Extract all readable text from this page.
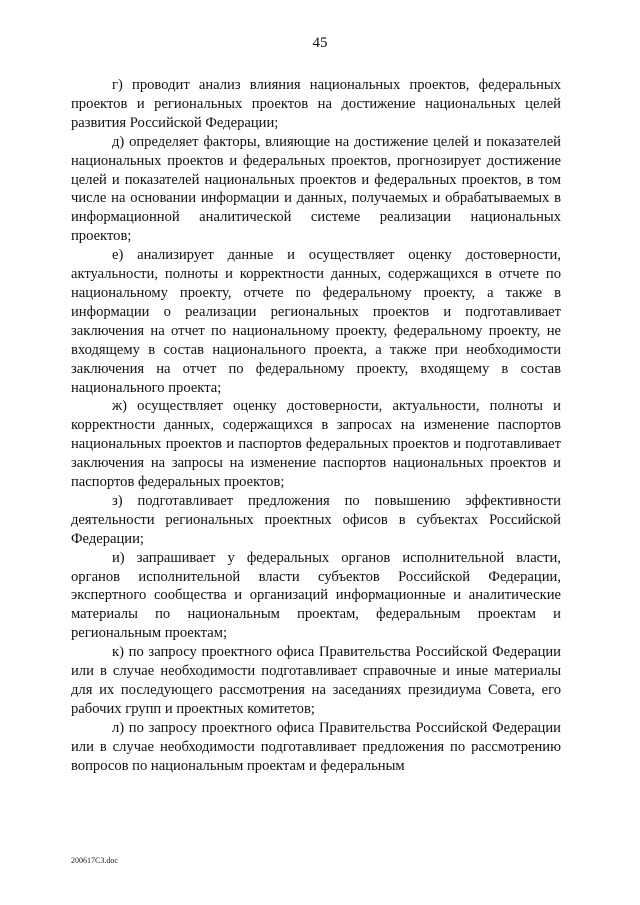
45

г) проводит анализ влияния национальных проектов, федеральных проектов и региональных проектов на достижение национальных целей развития Российской Федерации;

д) определяет факторы, влияющие на достижение целей и показателей национальных проектов и федеральных проектов, прогнозирует достижение целей и показателей национальных проектов и федеральных проектов, в том числе на основании информации и данных, получаемых и обрабатываемых в информационной аналитической системе реализации национальных проектов;

е) анализирует данные и осуществляет оценку достоверности, актуальности, полноты и корректности данных, содержащихся в отчете по национальному проекту, отчете по федеральному проекту, а также в информации о реализации региональных проектов и подготавливает заключения на отчет по национальному проекту, федеральному проекту, не входящему в состав национального проекта, а также при необходимости заключения на отчет по федеральному проекту, входящему в состав национального проекта;

ж) осуществляет оценку достоверности, актуальности, полноты и корректности данных, содержащихся в запросах на изменение паспортов национальных проектов и паспортов федеральных проектов и подготавливает заключения на запросы на изменение паспортов национальных проектов и паспортов федеральных проектов;

з) подготавливает предложения по повышению эффективности деятельности региональных проектных офисов в субъектах Российской Федерации;

и) запрашивает у федеральных органов исполнительной власти, органов исполнительной власти субъектов Российской Федерации, экспертного сообщества и организаций информационные и аналитические материалы по национальным проектам, федеральным проектам и региональным проектам;

к) по запросу проектного офиса Правительства Российской Федерации или в случае необходимости подготавливает справочные и иные материалы для их последующего рассмотрения на заседаниях президиума Совета, его рабочих групп и проектных комитетов;

л) по запросу проектного офиса Правительства Российской Федерации или в случае необходимости подготавливает предложения по рассмотрению вопросов по национальным проектам и федеральным

200617C3.doc
